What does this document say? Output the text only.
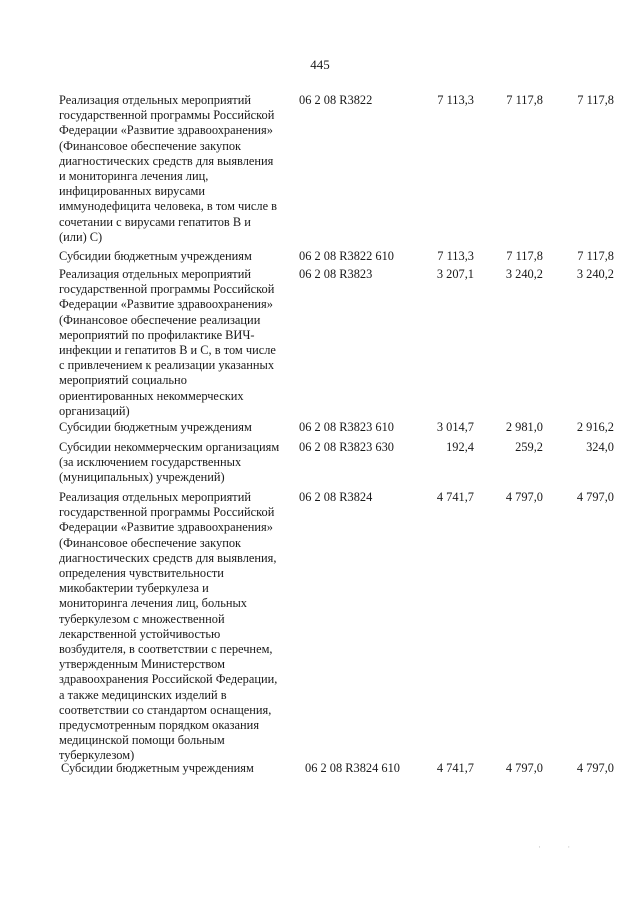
445
Реализация отдельных мероприятий
государственной программы Российской
Федерации «Развитие здравоохранения»
(Финансовое обеспечение закупок
диагностических средств для выявления
и мониторинга лечения лиц,
инфицированных вирусами
иммунодефицита человека, в том числе в
сочетании с вирусами гепатитов В и
(или) С)
06 2 08 R3822	7 113,3	7 117,8	7 117,8
Субсидии бюджетным учреждениям	06 2 08 R3822 610	7 113,3	7 117,8	7 117,8
Реализация отдельных мероприятий
государственной программы Российской
Федерации «Развитие здравоохранения»
(Финансовое обеспечение реализации
мероприятий по профилактике ВИЧ-
инфекции и гепатитов В и С, в том числе
с привлечением к реализации указанных
мероприятий социально
ориентированных некоммерческих
организаций)
06 2 08 R3823	3 207,1	3 240,2	3 240,2
Субсидии бюджетным учреждениям	06 2 08 R3823 610	3 014,7	2 981,0	2 916,2
Субсидии некоммерческим организациям
(за исключением государственных
(муниципальных) учреждений)
06 2 08 R3823 630	192,4	259,2	324,0
Реализация отдельных мероприятий
государственной программы Российской
Федерации «Развитие здравоохранения»
(Финансовое обеспечение закупок
диагностических средств для выявления,
определения чувствительности
микобактерии туберкулеза и
мониторинга лечения лиц, больных
туберкулезом с множественной
лекарственной устойчивостью
возбудителя, в соответствии с перечнем,
утвержденным Министерством
здравоохранения Российской Федерации,
а также медицинских изделий в
соответствии со стандартом оснащения,
предусмотренным порядком оказания
медицинской помощи больным
туберкулезом)
06 2 08 R3824	4 741,7	4 797,0	4 797,0
Субсидии бюджетным учреждениям	06 2 08 R3824 610	4 741,7	4 797,0	4 797,0
· ·
